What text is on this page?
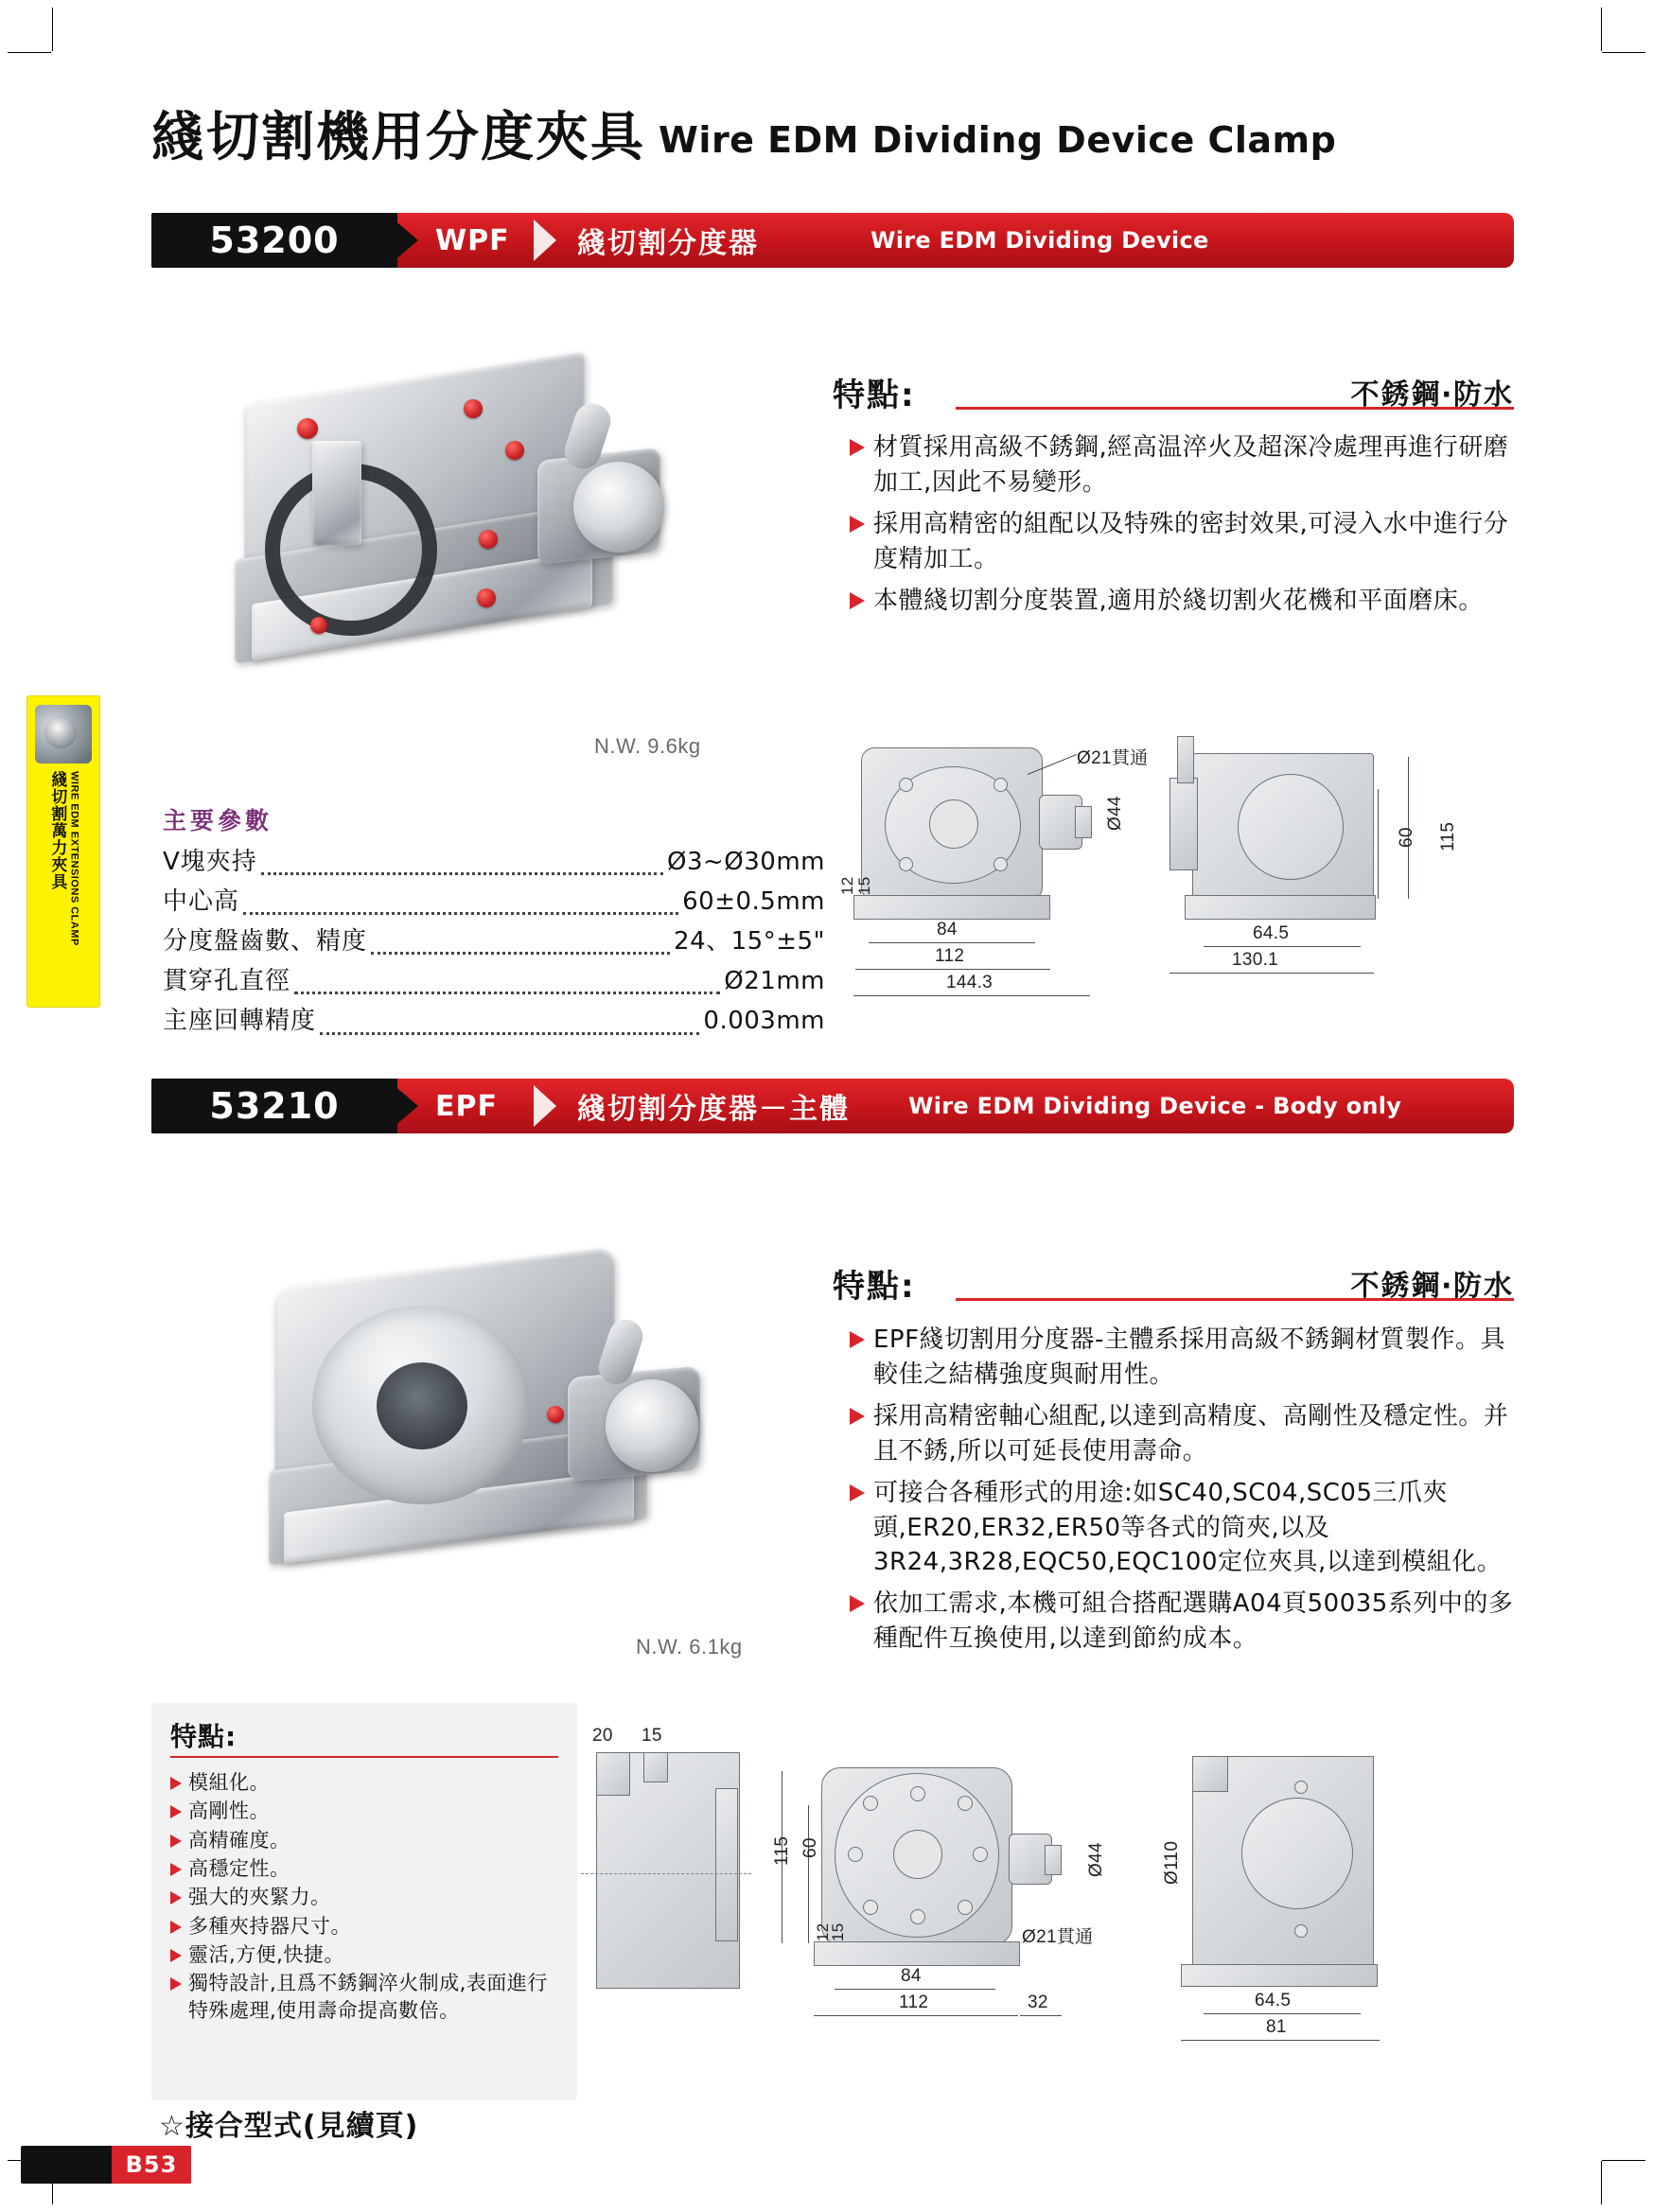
綫切割機用分度夾具 Wire EDM Dividing Device Clamp
綫切割萬力夾具 WIRE EDM EXTENSIONS CLAMP
53200	WPF 綫切割分度器	Wire EDM Dividing Device
N.W. 9.6kg
特點:	不銹鋼‧防水
材質採用高級不銹鋼,經高温淬火及超深冷處理再進行研磨加工,因此不易變形。
採用高精密的組配以及特殊的密封效果,可浸入水中進行分度精加工。
本體綫切割分度裝置,適用於綫切割火花機和平面磨床。
主要參數
V塊夾持	Ø3~Ø30mm
中心高	60±0.5mm
分度盤齒數、精度	24、15°±5"
貫穿孔直徑	Ø21mm
主座回轉精度	0.003mm
Ø21貫通
Ø44
12 15
84
112
144.3
115
60
64.5
130.1
53210	EPF	綫切割分度器－主體	Wire EDM Dividing Device - Body only
N.W. 6.1kg
特點:	不銹鋼‧防水
EPF綫切割用分度器-主體系採用高級不銹鋼材質製作。具較佳之結構強度與耐用性。
採用高精密軸心組配,以達到高精度、高剛性及穩定性。并且不銹,所以可延長使用壽命。
可接合各種形式的用途:如SC40,SC04,SC05三爪夾頭,ER20,ER32,ER50等各式的筒夾,以及3R24,3R28,EQC50,EQC100定位夾具,以達到模組化。
依加工需求,本機可組合搭配選購A04頁50035系列中的多種配件互換使用,以達到節約成本。
特點:
模組化。
高剛性。
高精確度。
高穩定性。
强大的夾緊力。
多種夾持器尺寸。
靈活,方便,快捷。
獨特設計,且爲不銹鋼淬火制成,表面進行特殊處理,使用壽命提高數倍。
☆接合型式(見續頁)
20 15
115 60
12
15
84
112	32
Ø21貫通
Ø44	Ø110
64.5
81
B53
